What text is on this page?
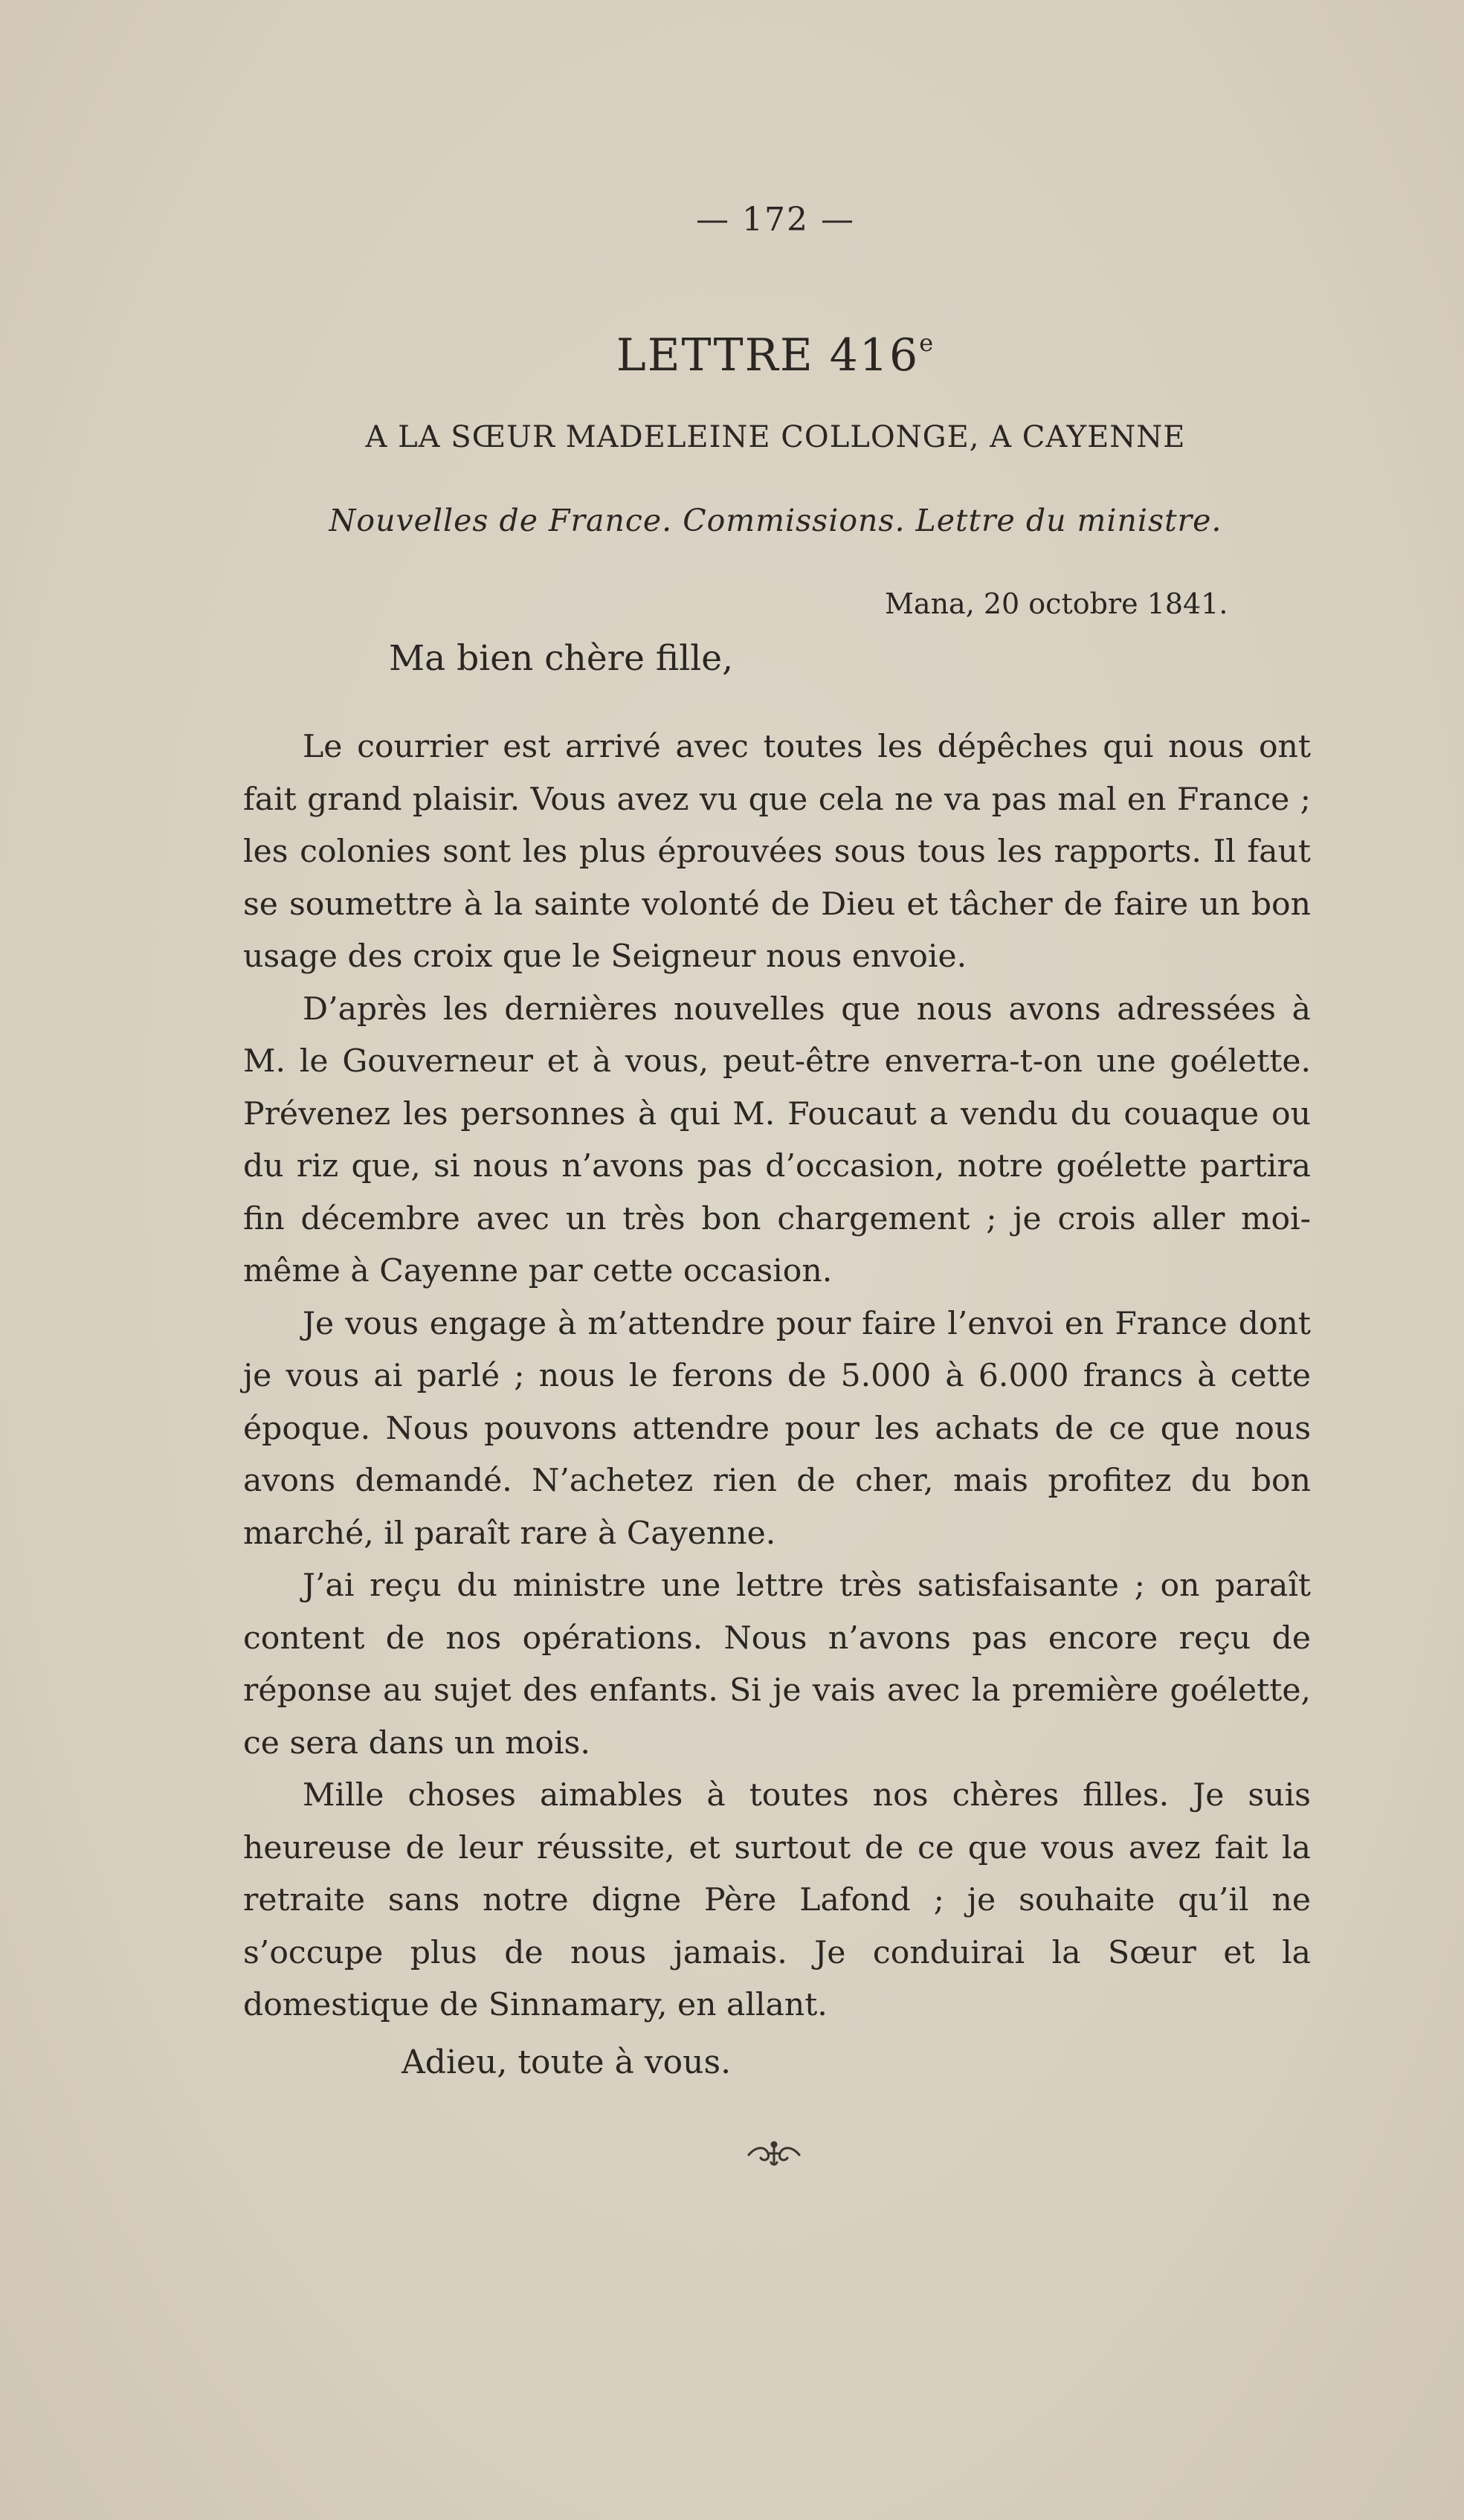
— 172 —
LETTRE 416e
A LA SŒUR MADELEINE COLLONGE, A CAYENNE
Nouvelles de France. Commissions. Lettre du ministre.
Mana, 20 octobre 1841.
Ma bien chère fille,

Le courrier est arrivé avec toutes les dépêches qui nous ont fait grand plaisir. Vous avez vu que cela ne va pas mal en France ; les colonies sont les plus éprouvées sous tous les rapports. Il faut se soumettre à la sainte volonté de Dieu et tâcher de faire un bon usage des croix que le Seigneur nous envoie.

D’après les dernières nouvelles que nous avons adressées à M. le Gouverneur et à vous, peut-être enverra-t-on une goélette. Prévenez les personnes à qui M. Foucaut a vendu du couaque ou du riz que, si nous n’avons pas d’occasion, notre goélette partira fin décembre avec un très bon chargement ; je crois aller moi-même à Cayenne par cette occasion.

Je vous engage à m’attendre pour faire l’envoi en France dont je vous ai parlé ; nous le ferons de 5.000 à 6.000 francs à cette époque. Nous pouvons attendre pour les achats de ce que nous avons demandé. N’achetez rien de cher, mais profitez du bon marché, il paraît rare à Cayenne.

J’ai reçu du ministre une lettre très satisfaisante ; on paraît content de nos opérations. Nous n’avons pas encore reçu de réponse au sujet des enfants. Si je vais avec la première goélette, ce sera dans un mois.

Mille choses aimables à toutes nos chères filles. Je suis heureuse de leur réussite, et surtout de ce que vous avez fait la retraite sans notre digne Père Lafond ; je souhaite qu’il ne s’occupe plus de nous jamais. Je conduirai la Sœur et la domestique de Sinnamary, en allant.

Adieu, toute à vous.
